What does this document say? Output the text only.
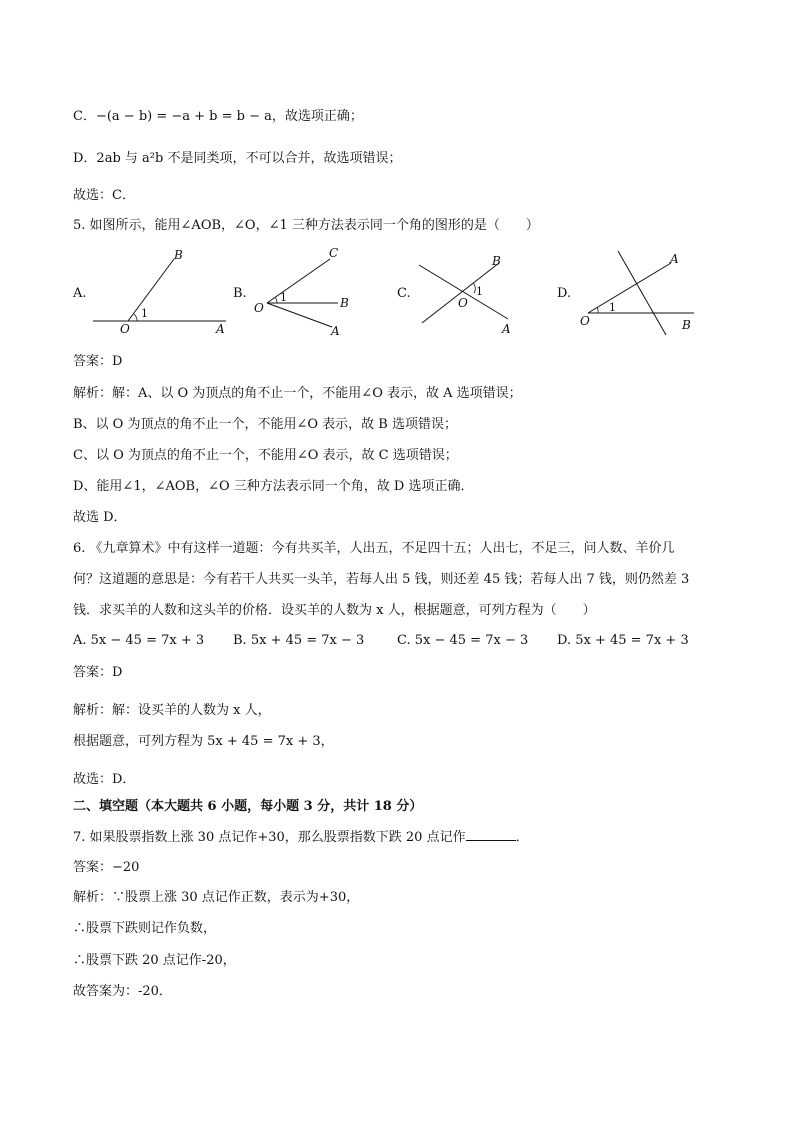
C．−(a − b) = −a + b = b − a，故选项正确；
D．2ab 与 a²b 不是同类项，不可以合并，故选项错误；
故选：C．
5. 如图所示，能用∠AOB，∠O，∠1 三种方法表示同一个角的图形的是（　　）
A.	B.	C.	D.
B
O	A
1
C
B
A
O
1
B
A
O
1
A
B
O
1
答案：D
解析：解：A、以 O 为顶点的角不止一个，不能用∠O 表示，故 A 选项错误；
B、以 O 为顶点的角不止一个，不能用∠O 表示，故 B 选项错误；
C、以 O 为顶点的角不止一个，不能用∠O 表示，故 C 选项错误；
D、能用∠1，∠AOB，∠O 三种方法表示同一个角，故 D 选项正确．
故选 D．
6. 《九章算术》中有这样一道题：今有共买羊，人出五，不足四十五；人出七，不足三，问人数、羊价几
何？这道题的意思是：今有若干人共买一头羊，若每人出 5 钱，则还差 45 钱；若每人出 7 钱，则仍然差 3
钱．求买羊的人数和这头羊的价格．设买羊的人数为 x 人，根据题意，可列方程为（　　）
A. 5x − 45 = 7x + 3 B. 5x + 45 = 7x − 3	C. 5x − 45 = 7x − 3 D. 5x + 45 = 7x + 3
答案：D
解析：解：设买羊的人数为 x 人，
根据题意，可列方程为 5x + 45 = 7x + 3，
故选：D．
二、填空题（本大题共 6 小题，每小题 3 分，共计 18 分）
7. 如果股票指数上涨 30 点记作+30，那么股票指数下跌 20 点记作	．
答案：−20
解析：∵股票上涨 30 点记作正数，表示为+30，
∴股票下跌则记作负数，
∴股票下跌 20 点记作-20，
故答案为：-20．
